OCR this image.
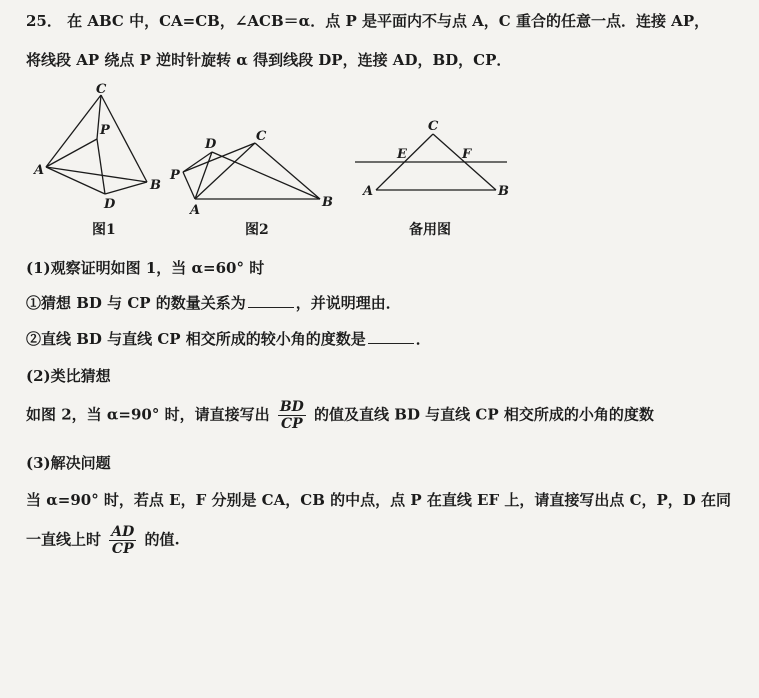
25． 在 ABC 中，CA=CB，∠ACB＝α．点 P 是平面内不与点 A，C 重合的任意一点．连接 AP，
将线段 AP 绕点 P 逆时针旋转 α 得到线段 DP，连接 AD，BD，CP．
C
P
A
B
D
D
C
P
A
B
C
E	F
A	B
图1	图2	备用图
(1)观察证明如图 1，当 α=60° 时
①猜想 BD 与 CP 的数量关系为	，并说明理由．
②直线 BD 与直线 CP 相交所成的较小角的度数是	．
(2)类比猜想
如图 2，当 α=90° 时，请直接写出 $\frac{BD}{CP}$ 的值及直线 BD 与直线 CP 相交所成的小角的度数
(3)解决问题
当 α=90° 时，若点 E，F 分别是 CA，CB 的中点，点 P 在直线 EF 上，请直接写出点 C，P，D 在同
一直线上时 $\frac{AD}{CP}$ 的值.
